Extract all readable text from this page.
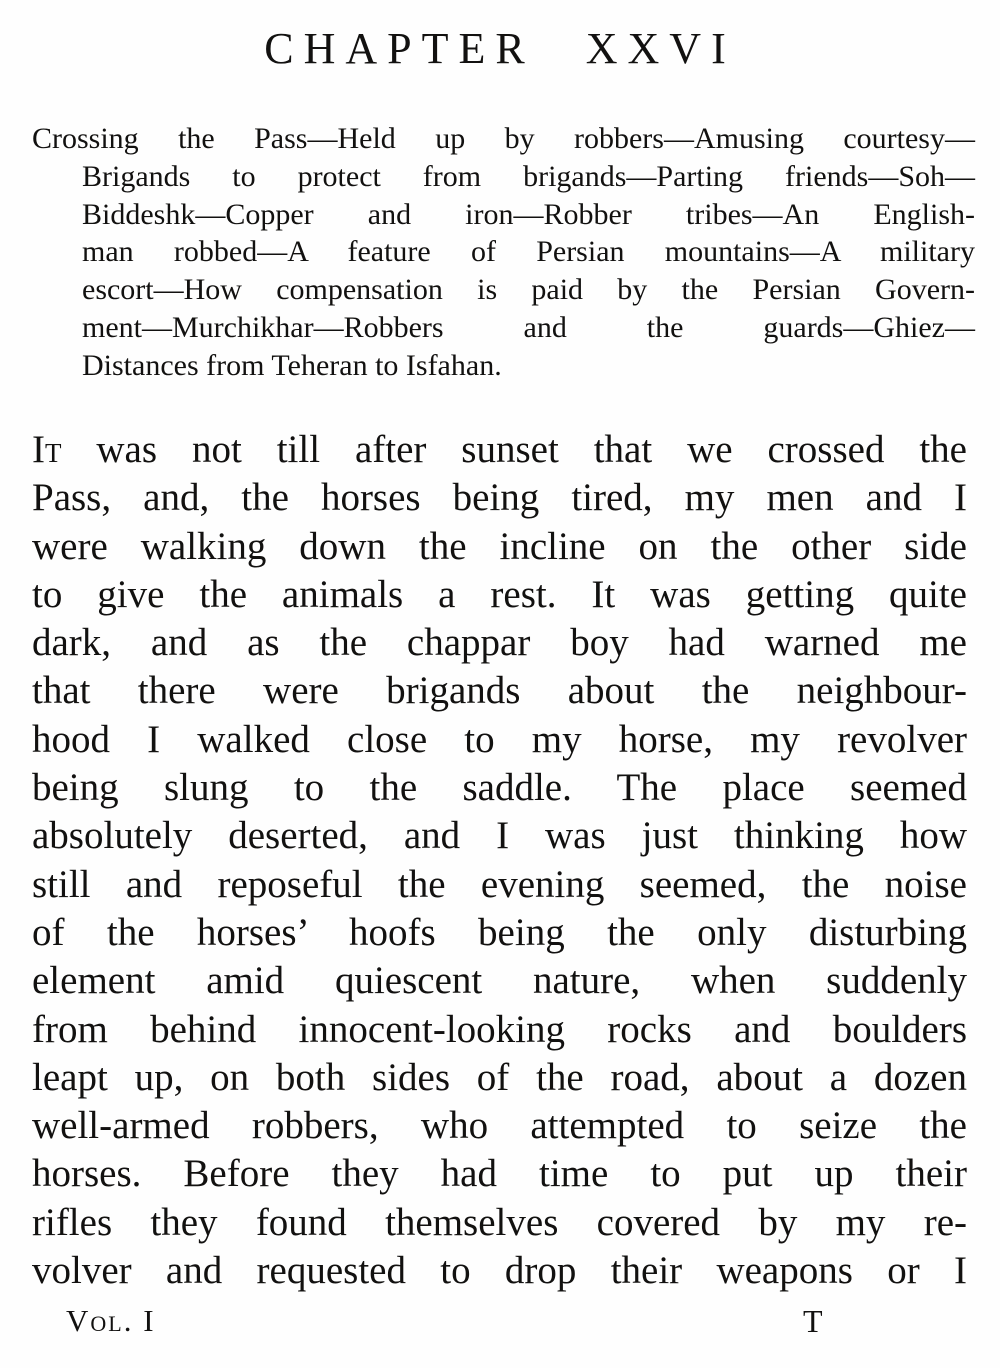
CHAPTER XXVI
Crossing the Pass—Held up by robbers—Amusing courtesy—
Brigands to protect from brigands—Parting friends—Soh—
Biddeshk—Copper and iron—Robber tribes—An English-
man robbed—A feature of Persian mountains—A military
escort—How compensation is paid by the Persian Govern-
ment—Murchikhar—Robbers and the guards—Ghiez—
Distances from Teheran to Isfahan.
It was not till after sunset that we crossed the
Pass, and, the horses being tired, my men and I
were walking down the incline on the other side
to give the animals a rest. It was getting quite
dark, and as the chappar boy had warned me
that there were brigands about the neighbour-
hood I walked close to my horse, my revolver
being slung to the saddle. The place seemed
absolutely deserted, and I was just thinking how
still and reposeful the evening seemed, the noise
of the horses’ hoofs being the only disturbing
element amid quiescent nature, when suddenly
from behind innocent-looking rocks and boulders
leapt up, on both sides of the road, about a dozen
well-armed robbers, who attempted to seize the
horses. Before they had time to put up their
rifles they found themselves covered by my re-
volver and requested to drop their weapons or I
Vol. I	T
